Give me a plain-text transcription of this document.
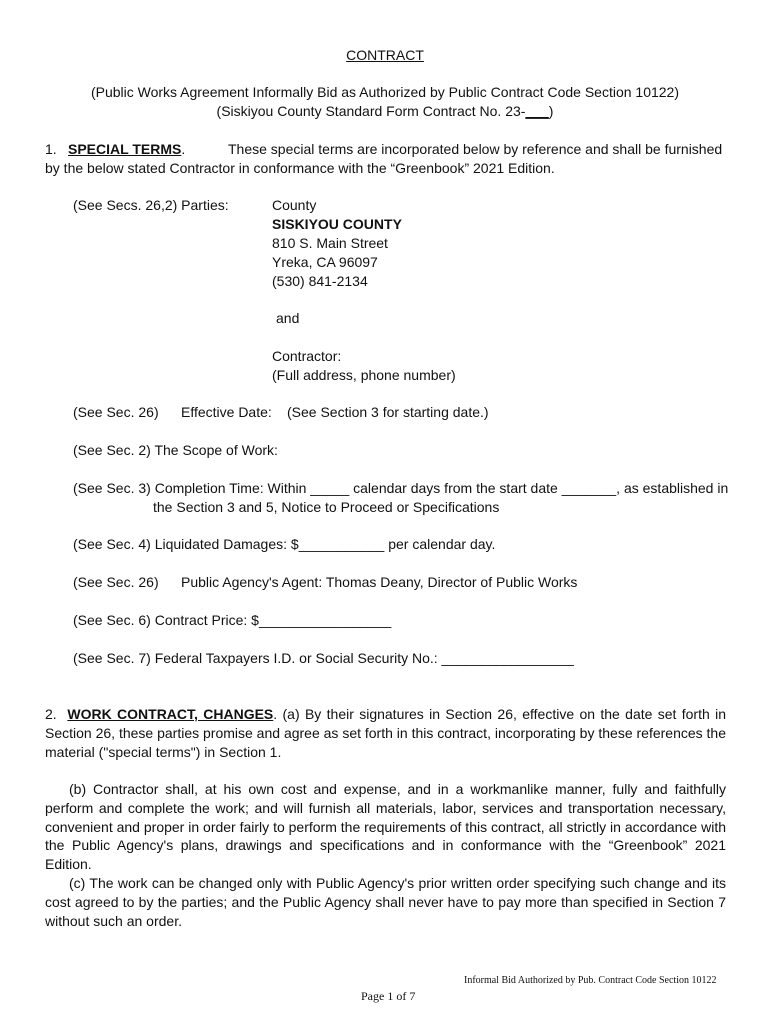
CONTRACT
(Public Works Agreement Informally Bid as Authorized by Public Contract Code Section 10122)
(Siskiyou County Standard Form Contract No. 23-___)
1. SPECIAL TERMS.	These special terms are incorporated below by reference and shall be furnished
by the below stated Contractor in conformance with the “Greenbook” 2021 Edition.
(See Secs. 26,2) Parties:	County
SISKIYOU COUNTY
810 S. Main Street
Yreka, CA 96097
(530) 841-2134
and
Contractor:
(Full address, phone number)
(See Sec. 26) Effective Date: (See Section 3 for starting date.)
(See Sec. 2) The Scope of Work:
(See Sec. 3) Completion Time: Within _____ calendar days from the start date _______, as established in
the Section 3 and 5, Notice to Proceed or Specifications
(See Sec. 4) Liquidated Damages: $___________ per calendar day.
(See Sec. 26) Public Agency's Agent: Thomas Deany, Director of Public Works
(See Sec. 6) Contract Price: $_________________
(See Sec. 7) Federal Taxpayers I.D. or Social Security No.: _________________
2. WORK CONTRACT, CHANGES. (a) By their signatures in Section 26, effective on the date set forth in Section 26, these parties promise and agree as set forth in this contract, incorporating by these references the material ("special terms") in Section 1.
(b) Contractor shall, at his own cost and expense, and in a workmanlike manner, fully and faithfully perform and complete the work; and will furnish all materials, labor, services and transportation necessary, convenient and proper in order fairly to perform the requirements of this contract, all strictly in accordance with the Public Agency's plans, drawings and specifications and in conformance with the “Greenbook” 2021 Edition.
(c) The work can be changed only with Public Agency's prior written order specifying such change and its cost agreed to by the parties; and the Public Agency shall never have to pay more than specified in Section 7 without such an order.
Informal Bid Authorized by Pub. Contract Code Section 10122
Page 1 of 7
